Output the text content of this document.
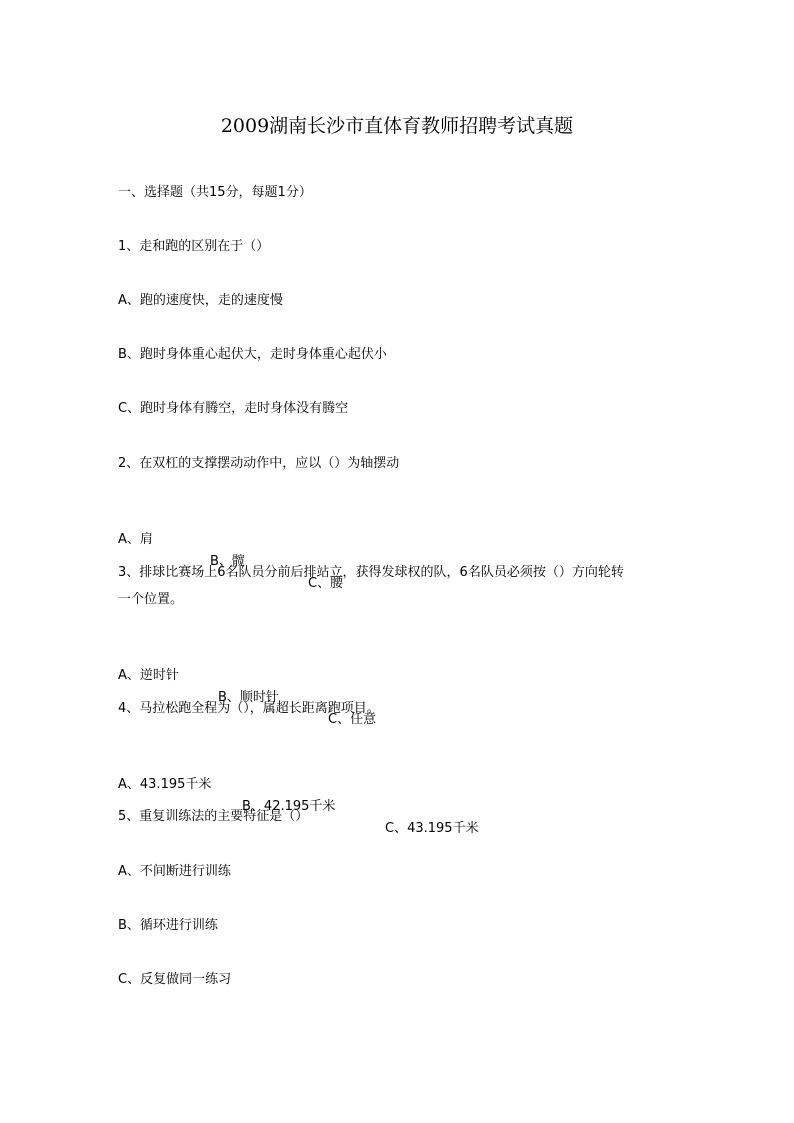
2009湖南长沙市直体育教师招聘考试真题
一、选择题（共15分，每题1分）
1、走和跑的区别在于（）
A、跑的速度快，走的速度慢
B、跑时身体重心起伏大，走时身体重心起伏小
C、跑时身体有腾空，走时身体没有腾空
2、在双杠的支撑摆动动作中，应以（）为轴摆动

A、肩

B、髋

C、腰

3、排球比赛场上6名队员分前后排站立，获得发球权的队，6名队员必须按（）方向轮转
一个位置。

A、逆时针

B、顺时针

C、任意

4、马拉松跑全程为（），属超长距离跑项目。

A、43.195千米

B、42.195千米

C、43.195千米

5、重复训练法的主要特征是（）
A、不间断进行训练
B、循环进行训练
C、反复做同一练习
